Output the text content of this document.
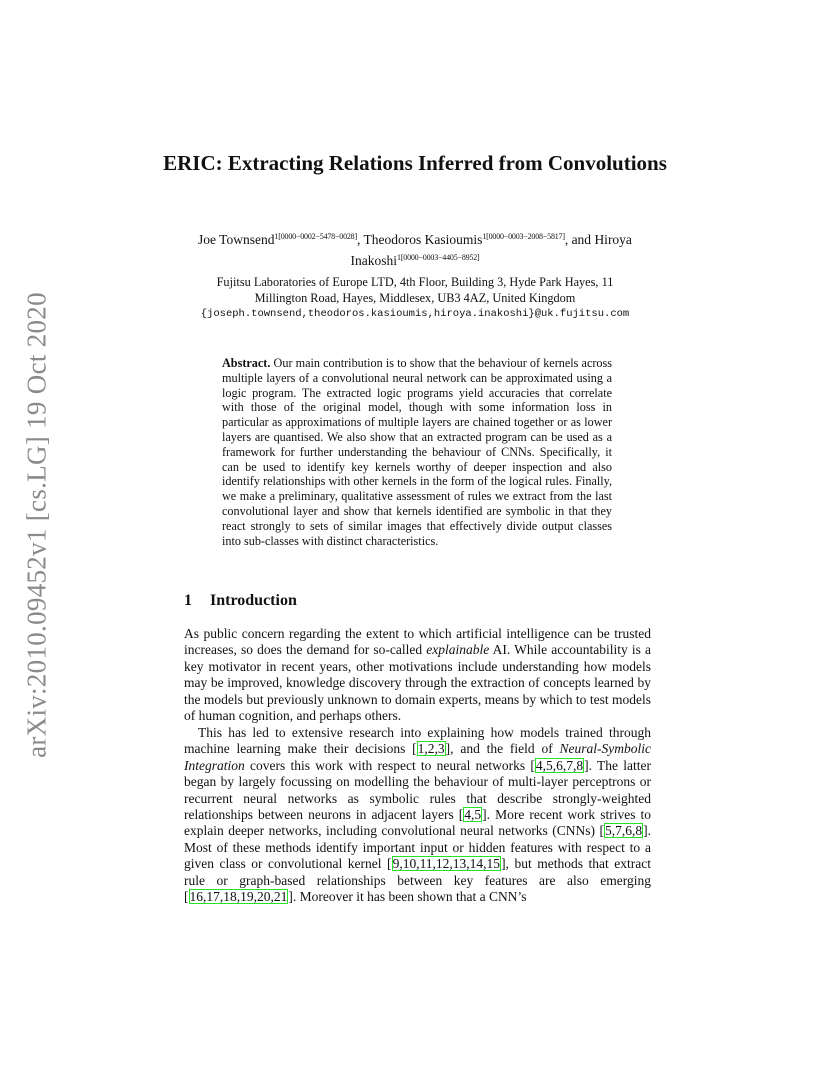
arXiv:2010.09452v1 [cs.LG] 19 Oct 2020
ERIC: Extracting Relations Inferred from Convolutions
Joe Townsend$^{1[0000-0002-5478-0028]}$, Theodoros Kasioumis$^{1[0000-0003-2008-5817]}$, and Hiroya Inakoshi$^{1[0000-0003-4405-8952]}$
Fujitsu Laboratories of Europe LTD, 4th Floor, Building 3, Hyde Park Hayes, 11
Millington Road, Hayes, Middlesex, UB3 4AZ, United Kingdom
{joseph.townsend,theodoros.kasioumis,hiroya.inakoshi}@uk.fujitsu.com
Abstract. Our main contribution is to show that the behaviour of kernels across multiple layers of a convolutional neural network can be approximated using a logic program. The extracted logic programs yield accuracies that correlate with those of the original model, though with some information loss in particular as approximations of multiple layers are chained together or as lower layers are quantised. We also show that an extracted program can be used as a framework for further understanding the behaviour of CNNs. Specifically, it can be used to identify key kernels worthy of deeper inspection and also identify relationships with other kernels in the form of the logical rules. Finally, we make a preliminary, qualitative assessment of rules we extract from the last convolutional layer and show that kernels identified are symbolic in that they react strongly to sets of similar images that effectively divide output classes into sub-classes with distinct characteristics.
1 Introduction

As public concern regarding the extent to which artificial intelligence can be trusted increases, so does the demand for so-called explainable AI. While accountability is a key motivator in recent years, other motivations include understanding how models may be improved, knowledge discovery through the extraction of concepts learned by the models but previously unknown to domain experts, means by which to test models of human cognition, and perhaps others.

This has led to extensive research into explaining how models trained through machine learning make their decisions [1,2,3], and the field of Neural-Symbolic Integration covers this work with respect to neural networks [4,5,6,7,8]. The latter began by largely focussing on modelling the behaviour of multi-layer perceptrons or recurrent neural networks as symbolic rules that describe strongly-weighted relationships between neurons in adjacent layers [4,5]. More recent work strives to explain deeper networks, including convolutional neural networks (CNNs) [5,7,6,8]. Most of these methods identify important input or hidden features with respect to a given class or convolutional kernel [9,10,11,12,13,14,15], but methods that extract rule or graph-based relationships between key features are also emerging [16,17,18,19,20,21]. Moreover it has been shown that a CNN’s
